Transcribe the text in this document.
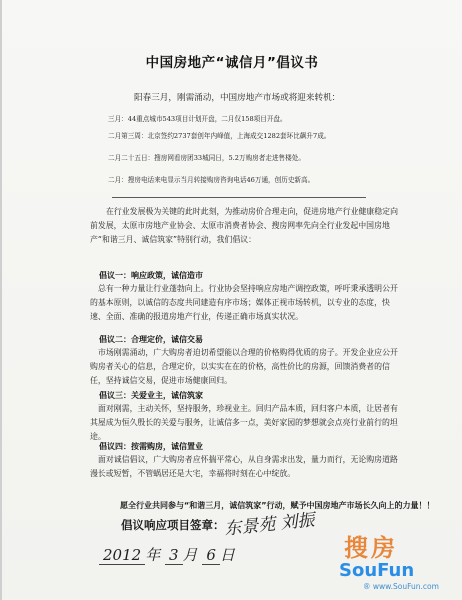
中国房地产“诚信月”倡议书
阳春三月，刚需涌动，中国房地产市场或将迎来转机：
三月：44重点城市543项目计划开盘，二月仅158项目开盘。
二月第三周：北京签约2737套创年内峰值，上海成交1282套环比飙升7成。
二月二十五日：搜房网看房团33城同日，5.2万购房者走进售楼处。
二月：搜房电话来电显示当月转接购房咨询电话46万通，创历史新高。
在行业发展极为关键的此时此刻，为推动房价合理走向，促进房地产行业健康稳定向前发展，太原市房地产业协会、太原市消费者协会、搜房网率先向全行业发起中国房地产“和谐三月、诚信筑家”特别行动，我们倡议：
倡议一：响应政策，诚信造市
总有一种力量让行业蓬勃向上。行业协会坚持响应房地产调控政策，呼吁秉承透明公开的基本原则，以诚信的态度共同建造有序市场；媒体正视市场转机，以专业的态度，快速、全面、准确的报道房地产行业，传递正确市场真实状况。
倡议二：合理定价，诚信交易
市场刚需涌动，广大购房者迫切希望能以合理的价格购得优质的房子。开发企业应公开购房者关心的信息，合理定价，以实实在在的价格，高性价比的房源，回馈消费者的信任，坚持诚信交易，促进市场健康回归。
倡议三：关爱业主，诚信筑家
面对刚需，主动关怀，坚持服务，珍视业主。回归产品本质，回归客户本质，让居者有其屋成为恒久殷长的关爱与服务，让诚信多一点，美好家园的梦想就会点亮行业前行的坦途。
倡议四：按需购房，诚信置业
面对诚信倡议，广大购房者应怀揣平常心，从自身需求出发，量力而行，无论购房道路漫长或短暂，不管蜗居还是大宅，幸福将时刻在心中绽放。
愿全行业共同参与“和谐三月，诚信筑家”行动，赋予中国房地产市场长久向上的力量！！
倡议响应项目签章：
东景苑 刘振
2012 年 3 月 6 日	搜房
SouFun
® www.SouFun.com
